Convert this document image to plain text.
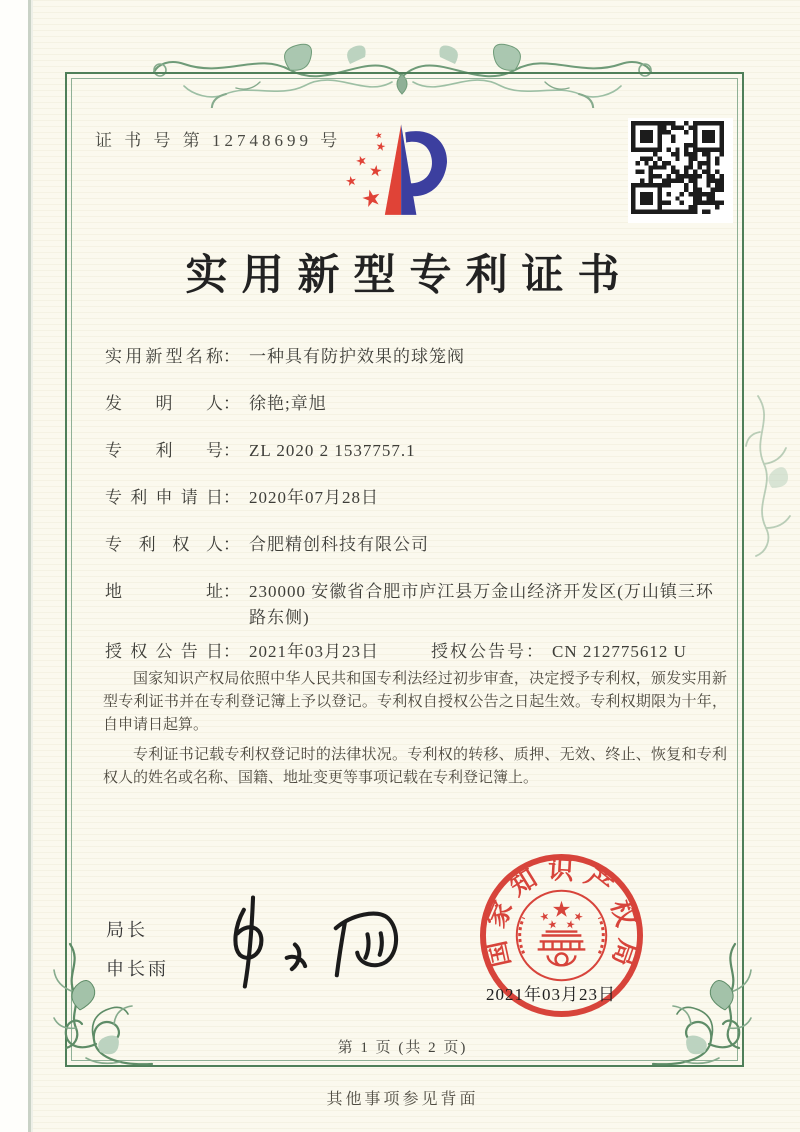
证 书 号 第 12748699 号
实用新型专利证书
实用新型名称 ： 一种具有防护效果的球笼阀
发明人 ： 徐艳;章旭
专利号 ： ZL 2020 2 1537757.1
专利申请日 ： 2020年07月28日
专利权人 ： 合肥精创科技有限公司
地址 ： 230000 安徽省合肥市庐江县万金山经济开发区(万山镇三环路东侧)
授权公告日 ： 2021年03月23日	授权公告号 ： CN 212775612 U

国家知识产权局依照中华人民共和国专利法经过初步审查，决定授予专利权，颁发实用新型专利证书并在专利登记簿上予以登记。专利权自授权公告之日起生效。专利权期限为十年，自申请日起算。

专利证书记载专利权登记时的法律状况。专利权的转移、质押、无效、终止、恢复和专利权人的姓名或名称、国籍、地址变更等事项记载在专利登记簿上。

局长
申长雨	国家知识产权局
2021年03月23日
第 1 页 (共 2 页)
其他事项参见背面
